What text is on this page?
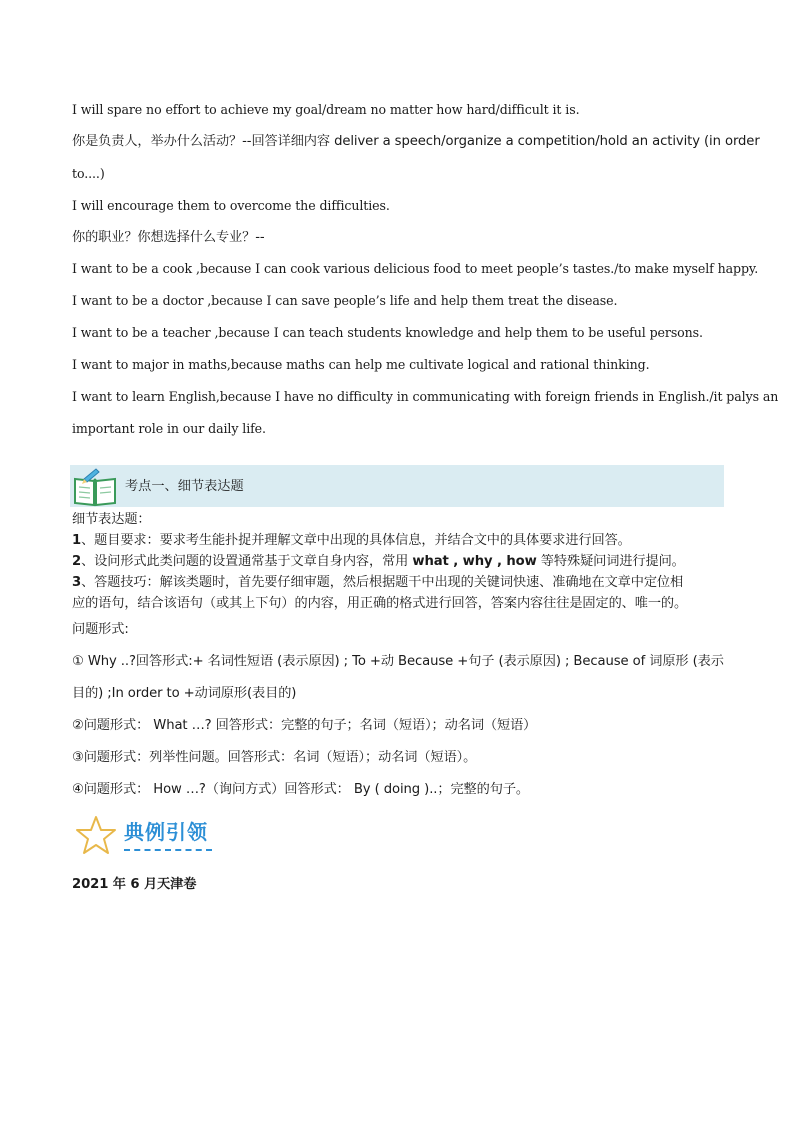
I will spare no effort to achieve my goal/dream no matter how hard/difficult it is.
你是负责人，举办什么活动？--回答详细内容 deliver a speech/organize a competition/hold an activity (in order
to....)
I will encourage them to overcome the difficulties.
你的职业？你想选择什么专业？--
I want to be a cook ,because I can cook various delicious food to meet people’s tastes./to make myself happy.
I want to be a doctor ,because I can save people’s life and help them treat the disease.
I want to be a teacher ,because I can teach students knowledge and help them to be useful persons.
I want to major in maths,because maths can help me cultivate logical and rational thinking.
I want to learn English,because I have no difficulty in communicating with foreign friends in English./it palys an
important role in our daily life.
考点一、细节表达题
细节表达题：
1、题目要求：要求考生能扑捉并理解文章中出现的具体信息，并结合文中的具体要求进行回答。
2、设问形式此类问题的设置通常基于文章自身内容，常用 what , why , how 等特殊疑问词进行提问。
3、答题技巧：解该类题时，首先要仔细审题，然后根据题干中出现的关键词快速、准确地在文章中定位相
应的语句，结合该语句（或其上下句）的内容，用正确的格式进行回答，答案内容往往是固定的、唯一的。
问题形式:
① Why ..?回答形式:+ 名词性短语 (表示原因) ; To +动 Because +句子 (表示原因) ; Because of 词原形 (表示
目的) ;In order to +动词原形(表目的)
②问题形式： What …? 回答形式：完整的句子；名词（短语）；动名词（短语）
③问题形式：列举性问题。回答形式：名词（短语）；动名词（短语）。
④问题形式： How …?（询问方式）回答形式： By ( doing )..；完整的句子。
典例引领
2021 年 6 月天津卷
